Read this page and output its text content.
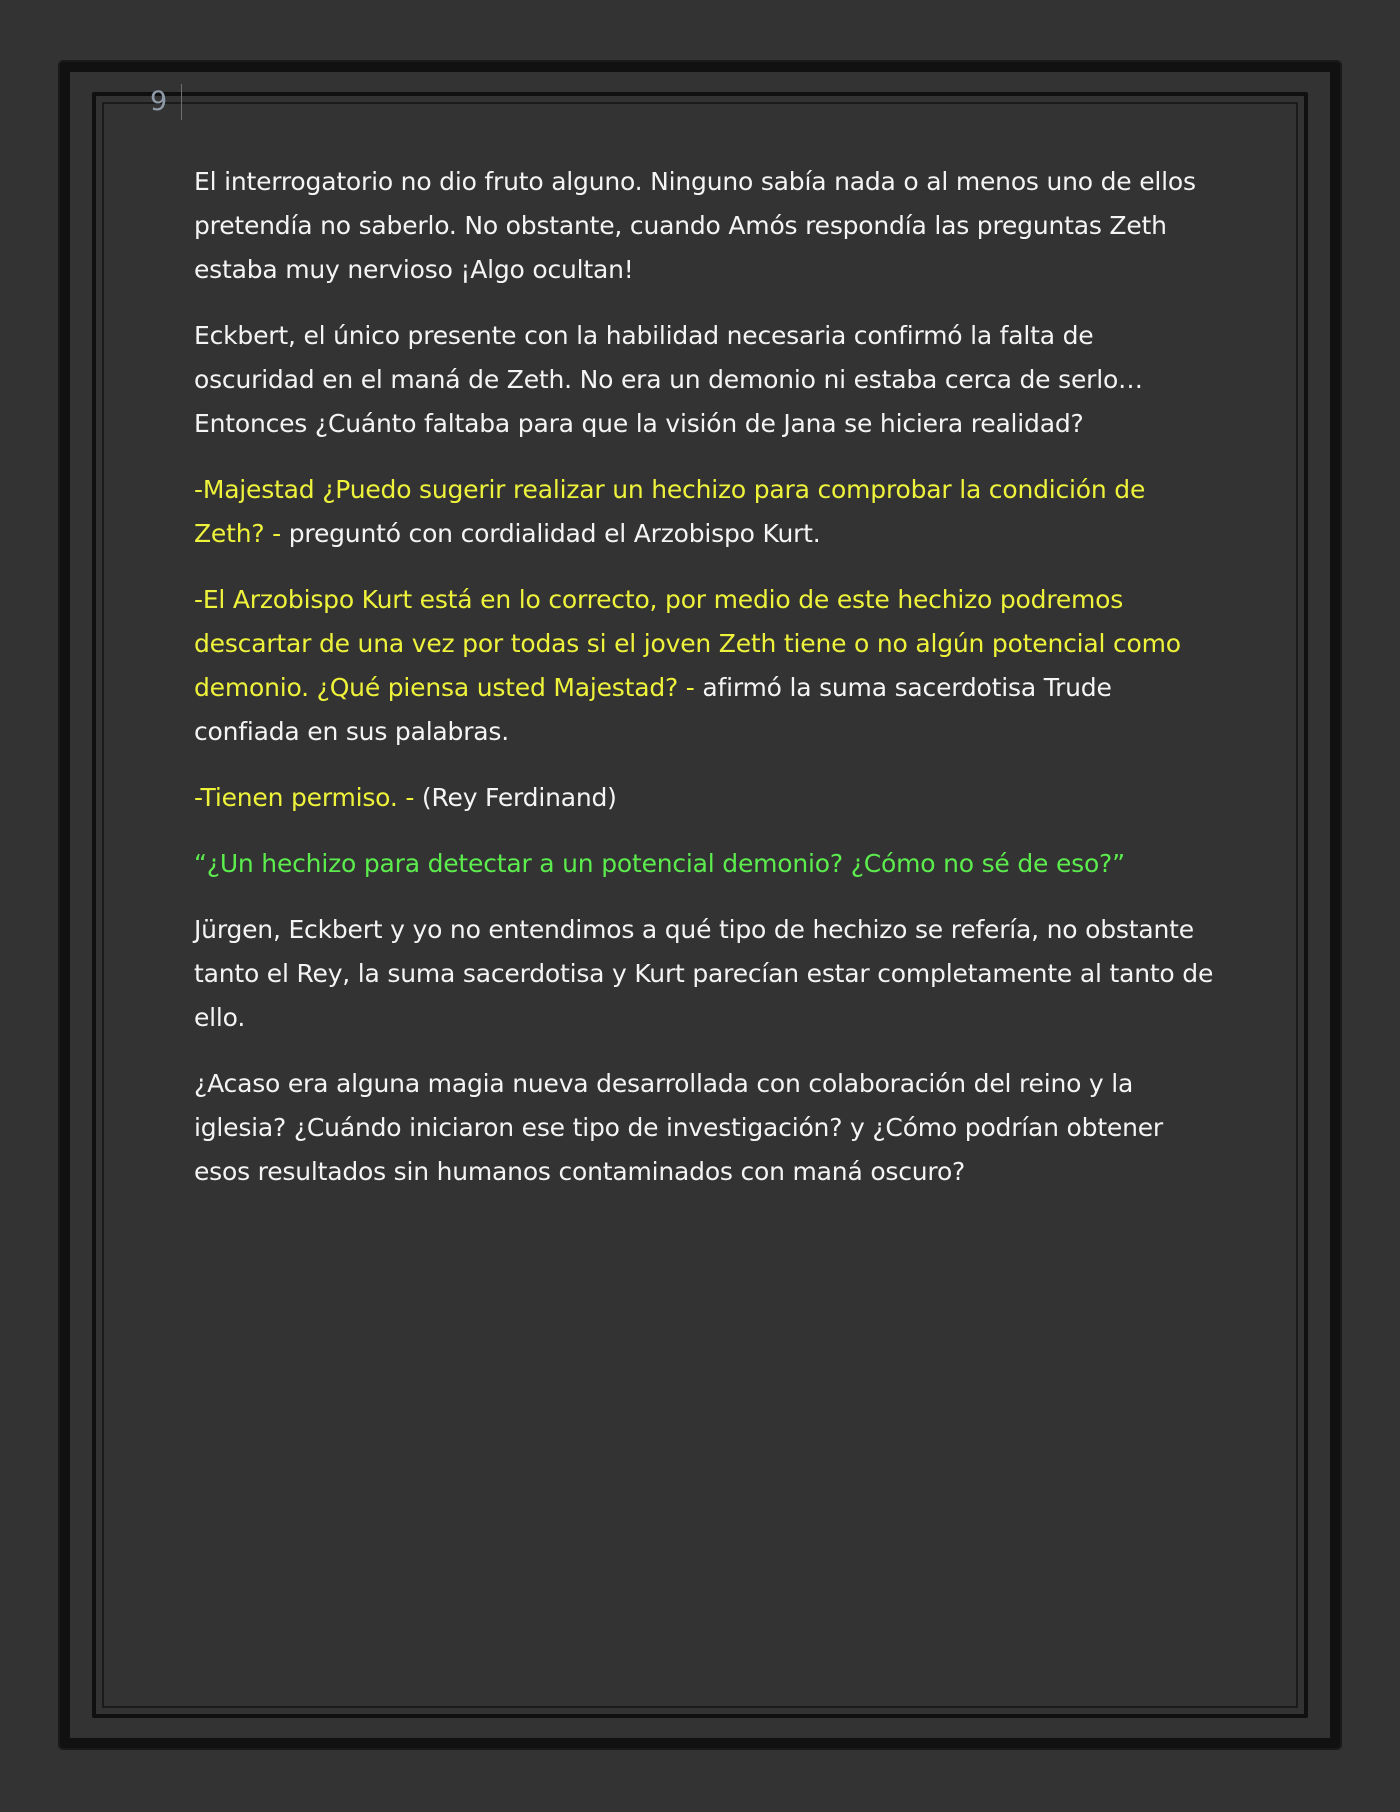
9

El interrogatorio no dio fruto alguno. Ninguno sabía nada o al menos uno de ellos pretendía no saberlo. No obstante, cuando Amós respondía las preguntas Zeth estaba muy nervioso ¡Algo ocultan!

Eckbert, el único presente con la habilidad necesaria confirmó la falta de oscuridad en el maná de Zeth. No era un demonio ni estaba cerca de serlo… Entonces ¿Cuánto faltaba para que la visión de Jana se hiciera realidad?

-Majestad ¿Puedo sugerir realizar un hechizo para comprobar la condición de Zeth? - preguntó con cordialidad el Arzobispo Kurt.

-El Arzobispo Kurt está en lo correcto, por medio de este hechizo podremos descartar de una vez por todas si el joven Zeth tiene o no algún potencial como demonio. ¿Qué piensa usted Majestad? - afirmó la suma sacerdotisa Trude confiada en sus palabras.

-Tienen permiso. - (Rey Ferdinand)

“¿Un hechizo para detectar a un potencial demonio? ¿Cómo no sé de eso?”

Jürgen, Eckbert y yo no entendimos a qué tipo de hechizo se refería, no obstante tanto el Rey, la suma sacerdotisa y Kurt parecían estar completamente al tanto de ello.

¿Acaso era alguna magia nueva desarrollada con colaboración del reino y la iglesia? ¿Cuándo iniciaron ese tipo de investigación? y ¿Cómo podrían obtener esos resultados sin humanos contaminados con maná oscuro?
